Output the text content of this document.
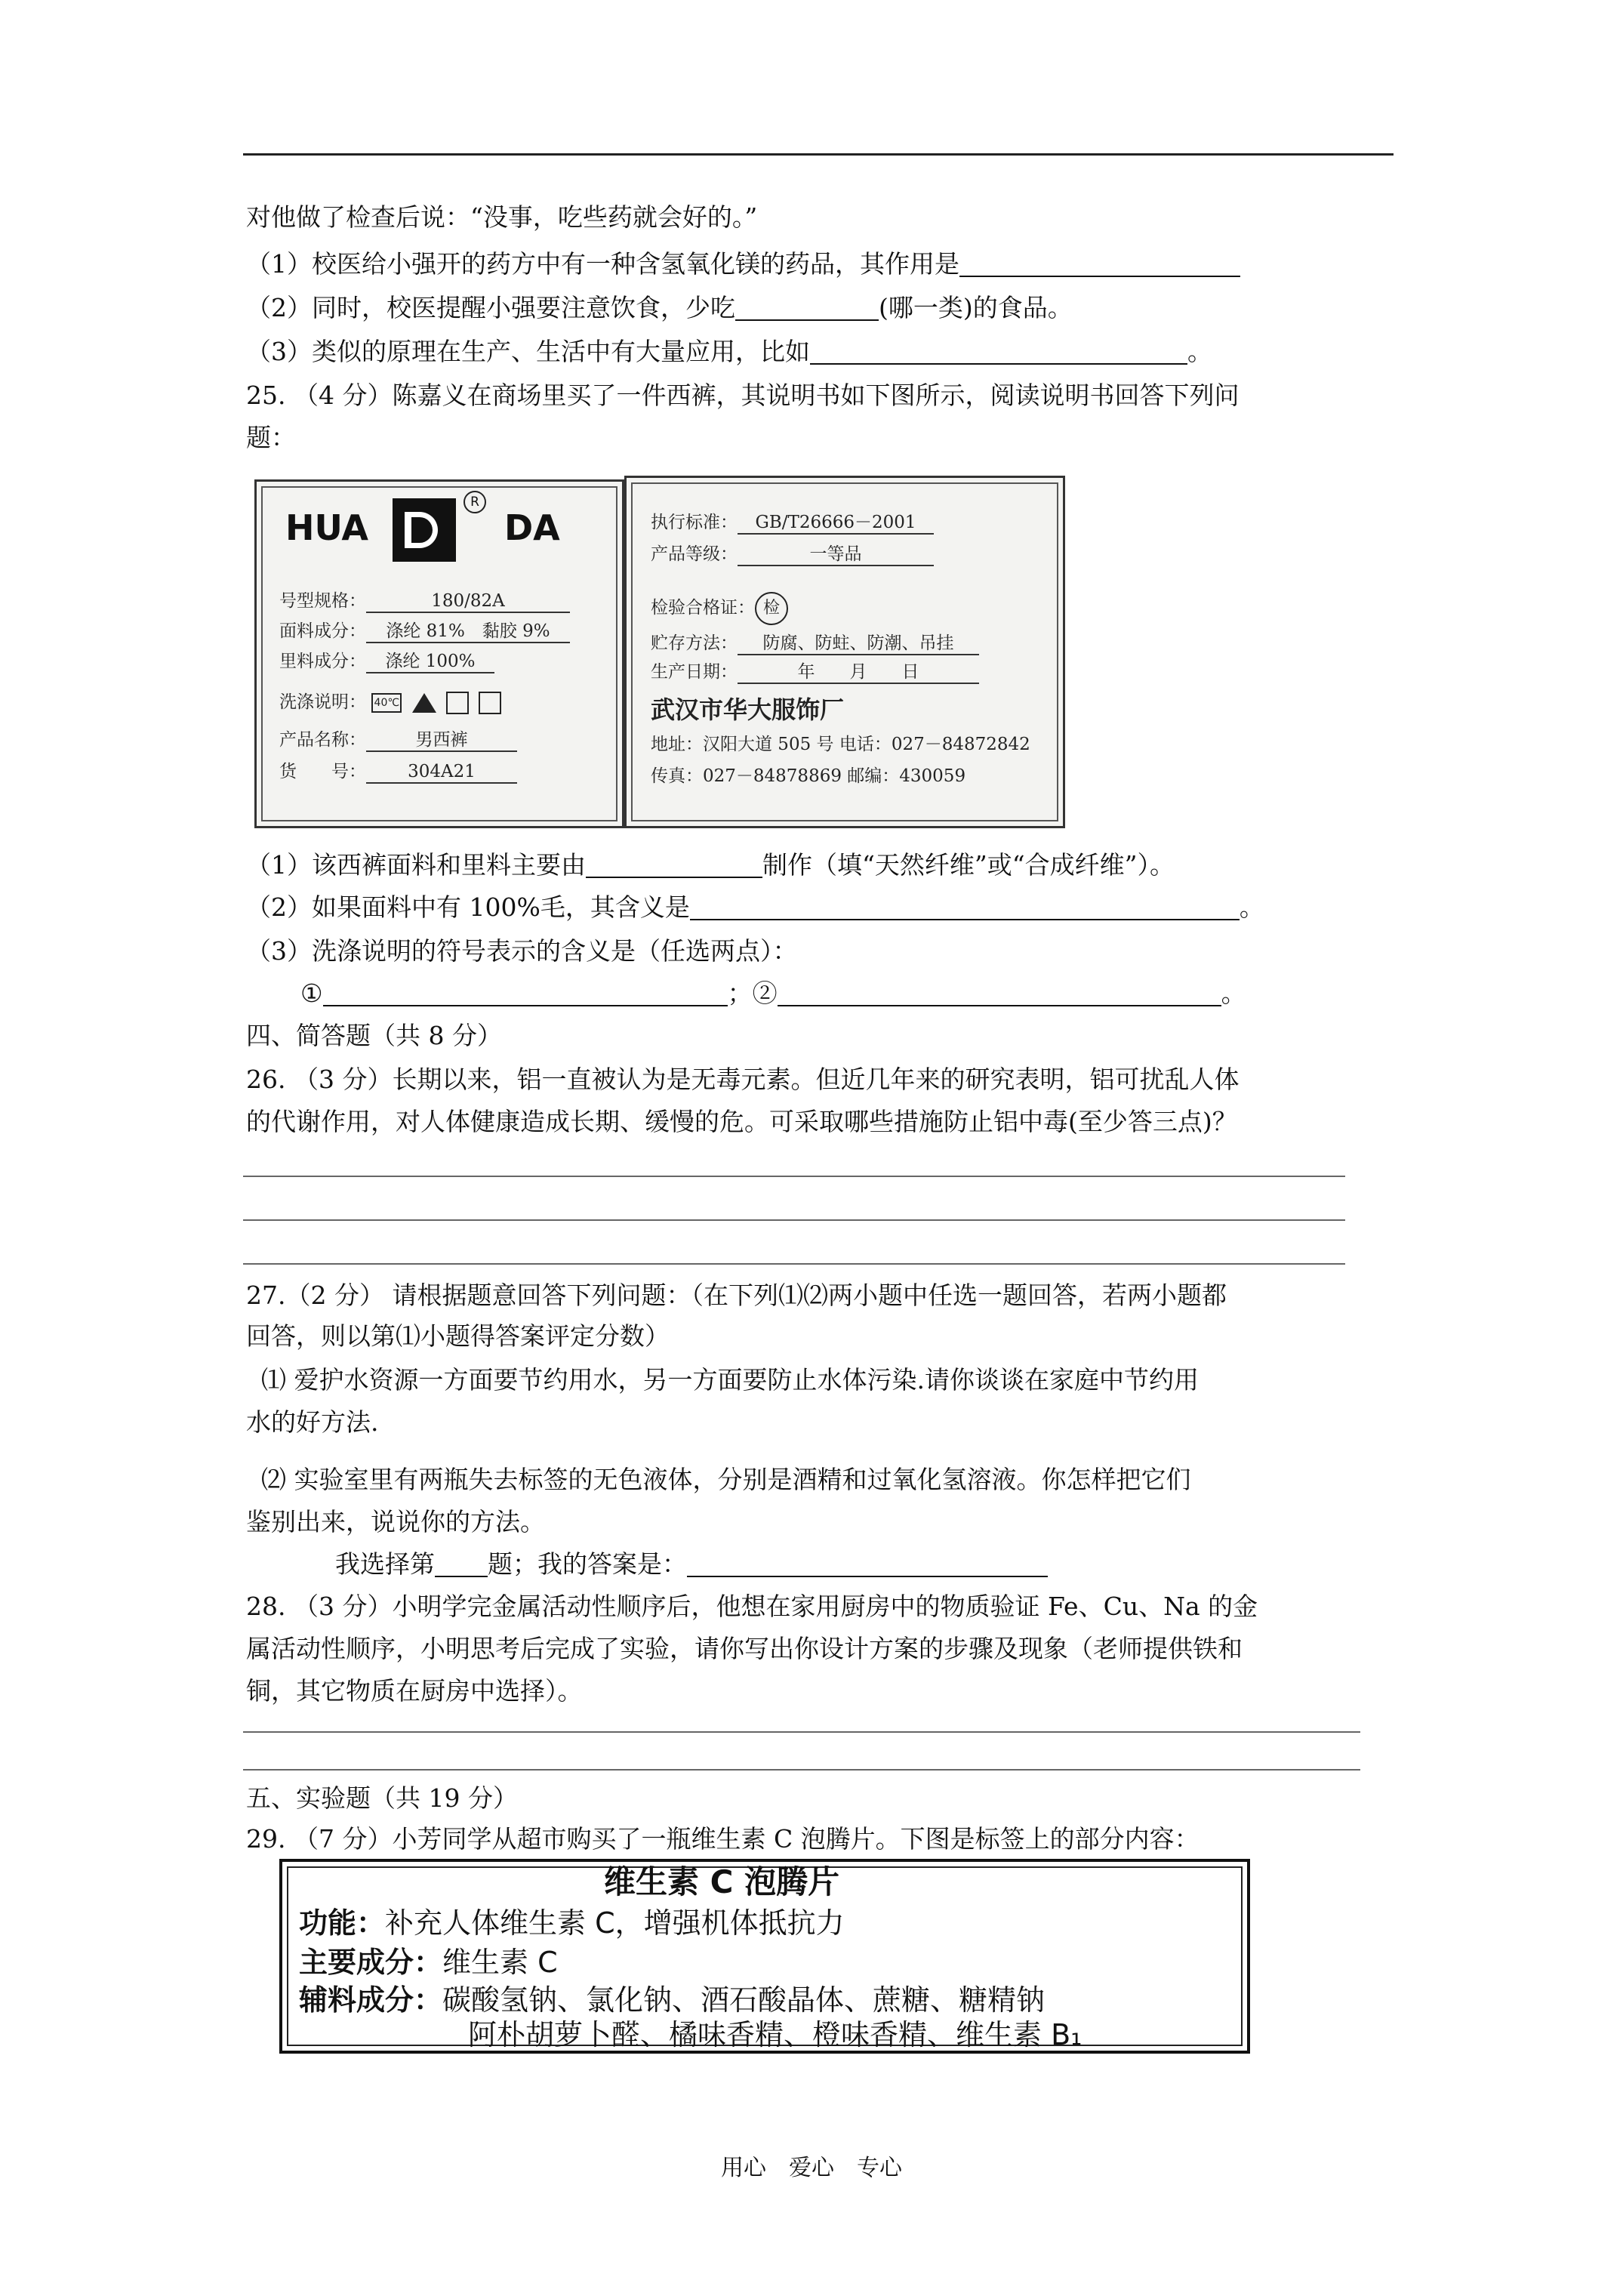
对他做了检查后说：“没事，吃些药就会好的。”
（1）校医给小强开的药方中有一种含氢氧化镁的药品，其作用是
（2）同时，校医提醒小强要注意饮食，少吃	(哪一类)的食品。
（3）类似的原理在生产、生活中有大量应用，比如	。
25. （4 分）陈嘉义在商场里买了一件西裤，其说明书如下图所示，阅读说明书回答下列问
题：
HUA
R
DA
号型规格：	180/82A
面料成分： 涤纶 81%　黏胶 9%
里料成分： 涤纶 100%
洗涤说明： 40℃
产品名称：	男西裤
货　　号： 304A21
执行标准： GB/T26666－2001
产品等级：	一等品
检验合格证： 检
贮存方法： 防腐、防蛀、防潮、吊挂
生产日期：	年　　月　　日
武汉市华大服饰厂
地址：汉阳大道 505 号 电话：027－84872842
传真：027－84878869 邮编：430059
（1）该西裤面料和里料主要由	制作（填“天然纤维”或“合成纤维”）。
（2）如果面料中有 100%毛，其含义是	。
（3）洗涤说明的符号表示的含义是（任选两点）：
①	；②	。
四、简答题（共 8 分）
26. （3 分）长期以来，铝一直被认为是无毒元素。但近几年来的研究表明，铝可扰乱人体
的代谢作用，对人体健康造成长期、缓慢的危。可采取哪些措施防止铝中毒(至少答三点)？
27.（2 分） 请根据题意回答下列问题：（在下列⑴⑵两小题中任选一题回答，若两小题都
回答，则以第⑴小题得答案评定分数）
⑴ 爱护水资源一方面要节约用水，另一方面要防止水体污染.请你谈谈在家庭中节约用
水的好方法.
⑵ 实验室里有两瓶失去标签的无色液体，分别是酒精和过氧化氢溶液。你怎样把它们
鉴别出来，说说你的方法。
我选择第 题；我的答案是：
28. （3 分）小明学完金属活动性顺序后，他想在家用厨房中的物质验证 Fe、Cu、Na 的金
属活动性顺序，小明思考后完成了实验，请你写出你设计方案的步骤及现象（老师提供铁和
铜，其它物质在厨房中选择）。
五、实验题（共 19 分）
29. （7 分）小芳同学从超市购买了一瓶维生素 C 泡腾片。下图是标签上的部分内容：
维生素 C 泡腾片
功能：补充人体维生素 C，增强机体抵抗力
主要成分：维生素 C
辅料成分：碳酸氢钠、氯化钠、酒石酸晶体、蔗糖、糖精钠
阿朴胡萝卜醛、橘味香精、橙味香精、维生素 B₁
用心　爱心　专心
